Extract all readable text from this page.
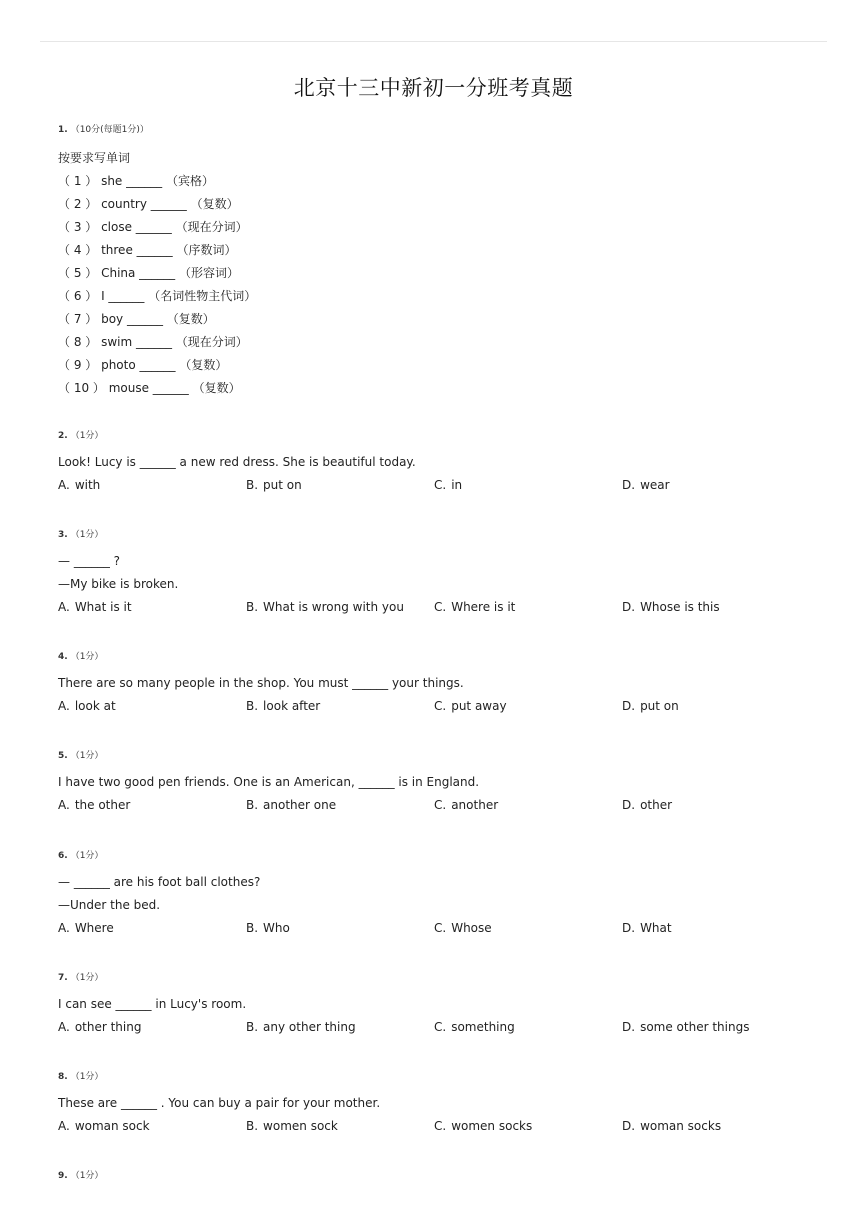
北京十三中新初一分班考真题
1. （10分(每题1分)）
按要求写单词
（ 1 ） she ______ （宾格）
（ 2 ） country ______ （复数）
（ 3 ） close ______ （现在分词）
（ 4 ） three ______ （序数词）
（ 5 ） China ______ （形容词）
（ 6 ） I ______ （名词性物主代词）
（ 7 ） boy ______ （复数）
（ 8 ） swim ______ （现在分词）
（ 9 ） photo ______ （复数）
（ 10 ） mouse ______ （复数）
2. （1分）
Look! Lucy is ______ a new red dress. She is beautiful today.
A. with	B. put on	C. in	D. wear
3. （1分）
— ______ ?
—My bike is broken.
A. What is it	B. What is wrong with you	C. Where is it	D. Whose is this
4. （1分）
There are so many people in the shop. You must ______ your things.
A. look at	B. look after	C. put away	D. put on
5. （1分）
I have two good pen friends. One is an American, ______ is in England.
A. the other	B. another one	C. another	D. other
6. （1分）
— ______ are his foot ball clothes?
—Under the bed.
A. Where	B. Who	C. Whose	D. What
7. （1分）
I can see ______ in Lucy's room.
A. other thing	B. any other thing	C. something	D. some other things
8. （1分）
These are ______ . You can buy a pair for your mother.
A. woman sock	B. women sock	C. women socks	D. woman socks
9. （1分）
